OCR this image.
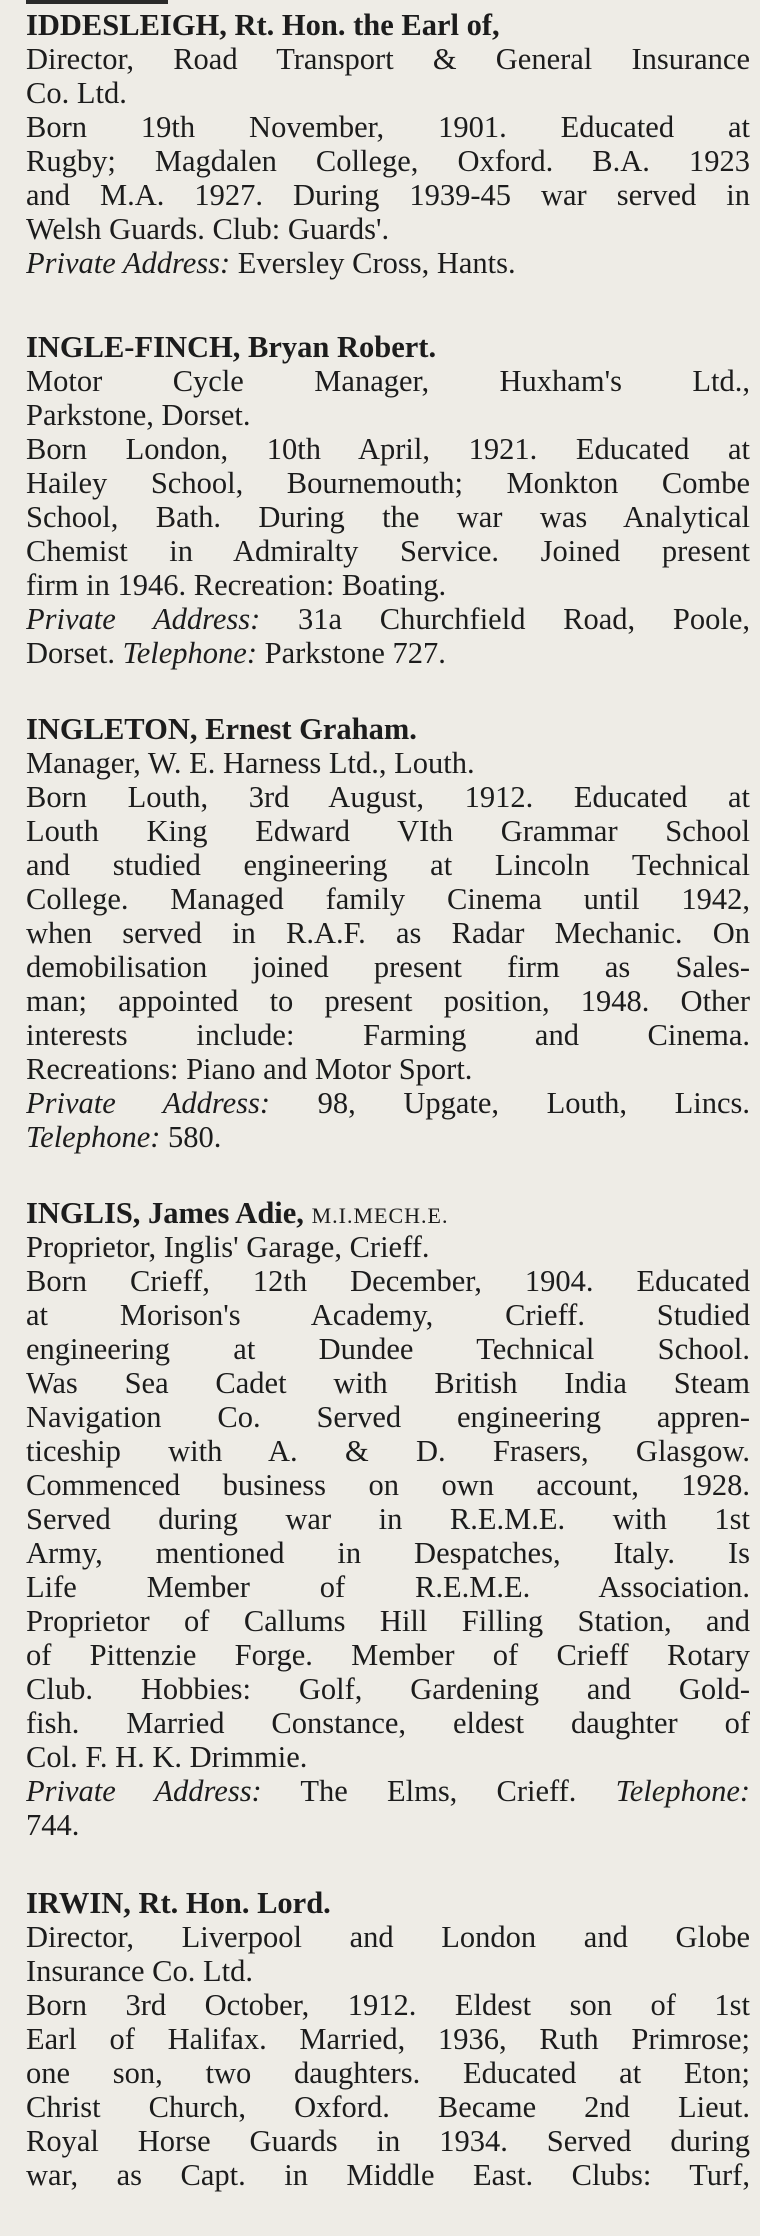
IDDESLEIGH, Rt. Hon. the Earl of,
Director, Road Transport & General Insurance
Co. Ltd.
Born 19th November, 1901. Educated at
Rugby; Magdalen College, Oxford. B.A. 1923
and M.A. 1927. During 1939-45 war served in
Welsh Guards. Club: Guards'.
Private Address: Eversley Cross, Hants.
INGLE-FINCH, Bryan Robert.
Motor Cycle Manager, Huxham's Ltd.,
Parkstone, Dorset.
Born London, 10th April, 1921. Educated at
Hailey School, Bournemouth; Monkton Combe
School, Bath. During the war was Analytical
Chemist in Admiralty Service. Joined present
firm in 1946. Recreation: Boating.
Private Address: 31a Churchfield Road, Poole,
Dorset. Telephone: Parkstone 727.
INGLETON, Ernest Graham.
Manager, W. E. Harness Ltd., Louth.
Born Louth, 3rd August, 1912. Educated at
Louth King Edward VIth Grammar School
and studied engineering at Lincoln Technical
College. Managed family Cinema until 1942,
when served in R.A.F. as Radar Mechanic. On
demobilisation joined present firm as Sales-
man; appointed to present position, 1948. Other
interests include: Farming and Cinema.
Recreations: Piano and Motor Sport.
Private Address: 98, Upgate, Louth, Lincs.
Telephone: 580.
INGLIS, James Adie, M.I.MECH.E.
Proprietor, Inglis' Garage, Crieff.
Born Crieff, 12th December, 1904. Educated
at Morison's Academy, Crieff. Studied
engineering at Dundee Technical School.
Was Sea Cadet with British India Steam
Navigation Co. Served engineering appren-
ticeship with A. & D. Frasers, Glasgow.
Commenced business on own account, 1928.
Served during war in R.E.M.E. with 1st
Army, mentioned in Despatches, Italy. Is
Life Member of R.E.M.E. Association.
Proprietor of Callums Hill Filling Station, and
of Pittenzie Forge. Member of Crieff Rotary
Club. Hobbies: Golf, Gardening and Gold-
fish. Married Constance, eldest daughter of
Col. F. H. K. Drimmie.
Private Address: The Elms, Crieff. Telephone:
744.
IRWIN, Rt. Hon. Lord.
Director, Liverpool and London and Globe
Insurance Co. Ltd.
Born 3rd October, 1912. Eldest son of 1st
Earl of Halifax. Married, 1936, Ruth Primrose;
one son, two daughters. Educated at Eton;
Christ Church, Oxford. Became 2nd Lieut.
Royal Horse Guards in 1934. Served during
war, as Capt. in Middle East. Clubs: Turf,
